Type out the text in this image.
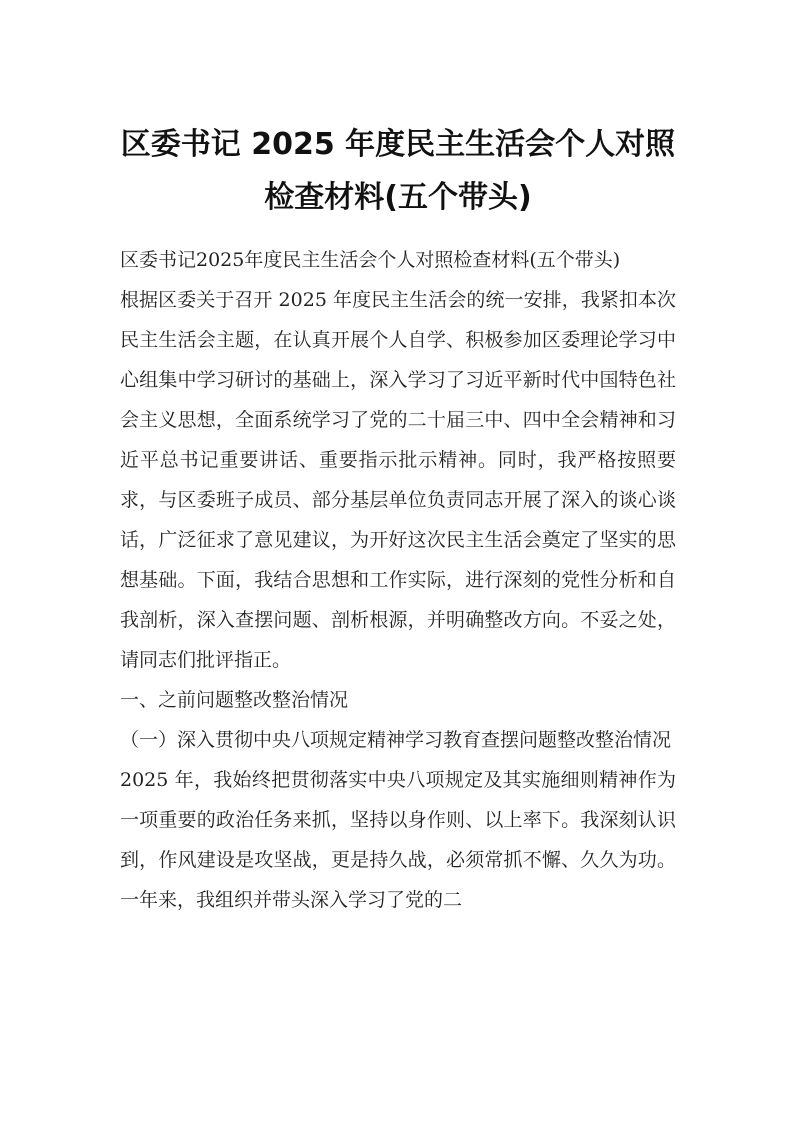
区委书记 2025 年度民主生活会个人对照检查材料(五个带头)

区委书记2025年度民主生活会个人对照检查材料(五个带头)

根据区委关于召开 2025 年度民主生活会的统一安排，我紧扣本次民主生活会主题，在认真开展个人自学、积极参加区委理论学习中心组集中学习研讨的基础上，深入学习了习近平新时代中国特色社会主义思想，全面系统学习了党的二十届三中、四中全会精神和习近平总书记重要讲话、重要指示批示精神。同时，我严格按照要求，与区委班子成员、部分基层单位负责同志开展了深入的谈心谈话，广泛征求了意见建议，为开好这次民主生活会奠定了坚实的思想基础。下面，我结合思想和工作实际，进行深刻的党性分析和自我剖析，深入查摆问题、剖析根源，并明确整改方向。不妥之处，请同志们批评指正。

一、之前问题整改整治情况

（一）深入贯彻中央八项规定精神学习教育查摆问题整改整治情况

2025 年，我始终把贯彻落实中央八项规定及其实施细则精神作为一项重要的政治任务来抓，坚持以身作则、以上率下。我深刻认识到，作风建设是攻坚战，更是持久战，必须常抓不懈、久久为功。一年来，我组织并带头深入学习了党的二
